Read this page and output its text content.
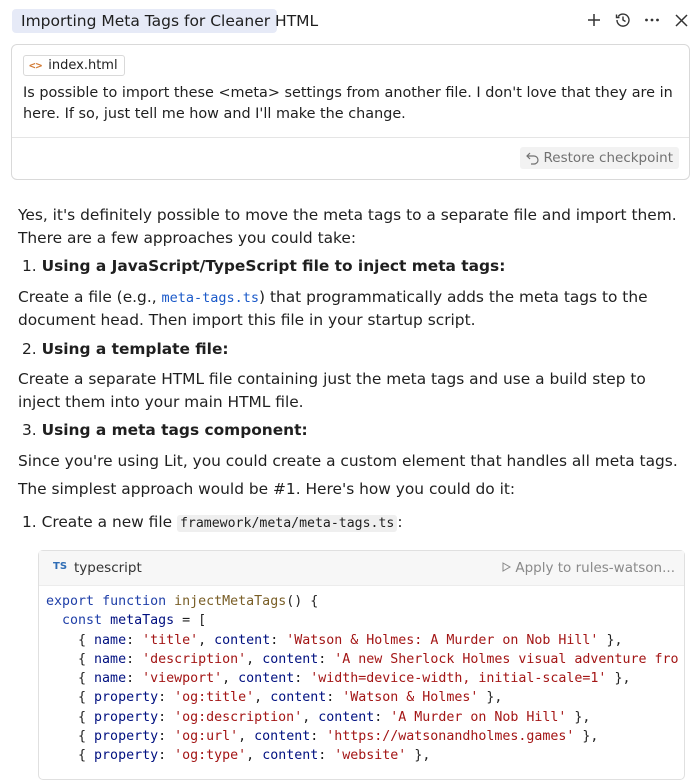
Importing Meta Tags for Cleaner HTML
<> index.html
Is possible to import these <meta> settings from another file. I don't love that they are in here. If so, just tell me how and I'll make the change.
Restore checkpoint

Yes, it's definitely possible to move the meta tags to a separate file and import them. There are a few approaches you could take:

1. Using a JavaScript/TypeScript file to inject meta tags:

Create a file (e.g., meta-tags.ts) that programmatically adds the meta tags to the document head. Then import this file in your startup script.

2. Using a template file:

Create a separate HTML file containing just the meta tags and use a build step to inject them into your main HTML file.

3. Using a meta tags component:

Since you're using Lit, you could create a custom element that handles all meta tags.

The simplest approach would be #1. Here's how you could do it:

1. Create a new file framework/meta/meta-tags.ts :

TS typescript	Apply to rules-watson...
export function injectMetaTags() {
const metaTags = [
{ name: 'title', content: 'Watson & Holmes: A Murder on Nob Hill' },
{ name: 'description', content: 'A new Sherlock Holmes visual adventure fro
{ name: 'viewport', content: 'width=device-width, initial-scale=1' },
{ property: 'og:title', content: 'Watson & Holmes' },
{ property: 'og:description', content: 'A Murder on Nob Hill' },
{ property: 'og:url', content: 'https://watsonandholmes.games' },
{ property: 'og:type', content: 'website' },
